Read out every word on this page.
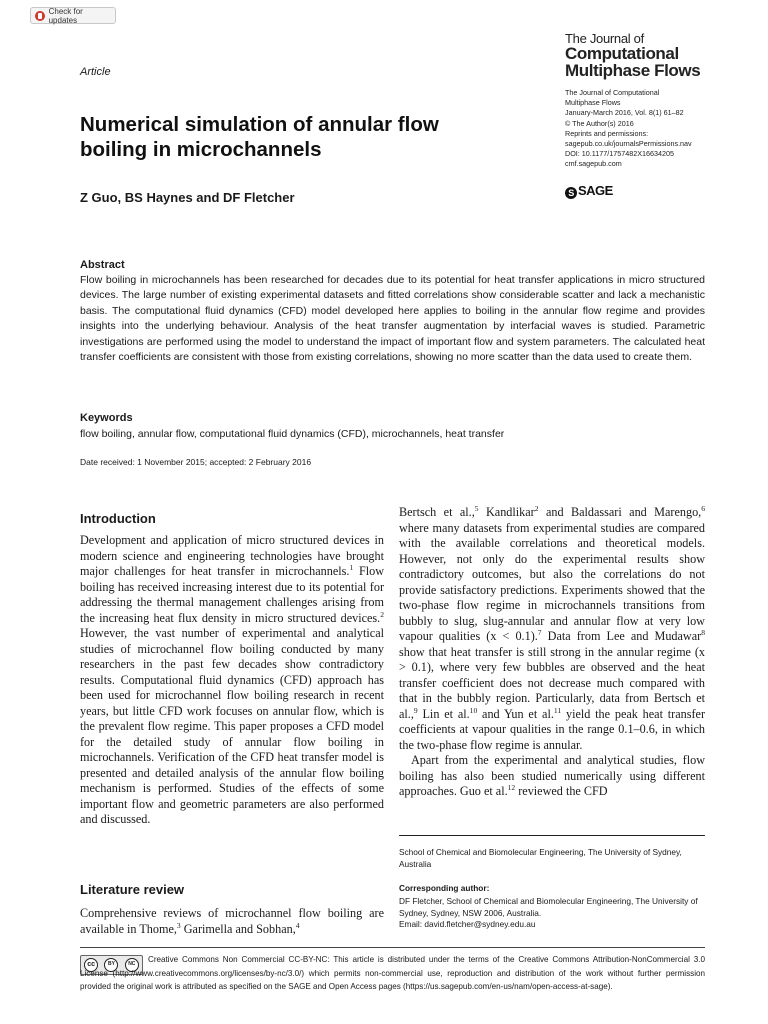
Check for updates
Article
The Journal of
Computational
Multiphase Flows
The Journal of Computational
Multiphase Flows
January-March 2016, Vol. 8(1) 61–82
© The Author(s) 2016
Reprints and permissions:
sagepub.co.uk/journalsPermissions.nav
DOI: 10.1177/1757482X16634205
cmf.sagepub.com
S SAGE
Numerical simulation of annular flow boiling in microchannels
Z Guo, BS Haynes and DF Fletcher
Abstract
Flow boiling in microchannels has been researched for decades due to its potential for heat transfer applications in micro structured devices. The large number of existing experimental datasets and fitted correlations show considerable scatter and lack a mechanistic basis. The computational fluid dynamics (CFD) model developed here applies to boiling in the annular flow regime and provides insights into the underlying behaviour. Analysis of the heat transfer augmentation by interfacial waves is studied. Parametric investigations are performed using the model to understand the impact of important flow and system parameters. The calculated heat transfer coefficients are consistent with those from existing correlations, showing no more scatter than the data used to create them.
Keywords
flow boiling, annular flow, computational fluid dynamics (CFD), microchannels, heat transfer
Date received: 1 November 2015; accepted: 2 February 2016
Introduction
Development and application of micro structured devices in modern science and engineering technologies have brought major challenges for heat transfer in microchannels.$^1$ Flow boiling has received increasing interest due to its potential for addressing the thermal management challenges arising from the increasing heat flux density in micro structured devices.$^2$ However, the vast number of experimental and analytical studies of microchannel flow boiling conducted by many researchers in the past few decades show contradictory results. Computational fluid dynamics (CFD) approach has been used for microchannel flow boiling research in recent years, but little CFD work focuses on annular flow, which is the prevalent flow regime. This paper proposes a CFD model for the detailed study of annular flow boiling in microchannels. Verification of the CFD heat transfer model is presented and detailed analysis of the annular flow boiling mechanism is performed. Studies of the effects of some important flow and geometric parameters are also performed and discussed.
Literature review
Comprehensive reviews of microchannel flow boiling are available in Thome,$^3$ Garimella and Sobhan,$^4$

Bertsch et al.,$^5$ Kandlikar$^2$ and Baldassari and Marengo,$^6$ where many datasets from experimental studies are compared with the available correlations and theoretical models. However, not only do the experimental results show contradictory outcomes, but also the correlations do not provide satisfactory predictions. Experiments showed that the two-phase flow regime in microchannels transitions from bubbly to slug, slug-annular and annular flow at very low vapour qualities (x < 0.1).$^7$ Data from Lee and Mudawar$^8$ show that heat transfer is still strong in the annular regime (x > 0.1), where very few bubbles are observed and the heat transfer coefficient does not decrease much compared with that in the bubbly region. Particularly, data from Bertsch et al.,$^9$ Lin et al.$^{10}$ and Yun et al.$^{11}$ yield the peak heat transfer coefficients at vapour qualities in the range 0.1–0.6, in which the two-phase flow regime is annular.

Apart from the experimental and analytical studies, flow boiling has also been studied numerically using different approaches. Guo et al.$^{12}$ reviewed the CFD

School of Chemical and Biomolecular Engineering, The University of Sydney, Australia
Corresponding author:
DF Fletcher, School of Chemical and Biomolecular Engineering, The University of Sydney, Sydney, NSW 2006, Australia.
Email: david.fletcher@sydney.edu.au
cc	BY	NC	Creative Commons Non Commercial CC-BY-NC: This article is distributed under the terms of the Creative Commons Attribution-NonCommercial 3.0 License (http://www.creativecommons.org/licenses/by-nc/3.0/) which permits non-commercial use, reproduction and distribution of the work without further permission provided the original work is attributed as specified on the SAGE and Open Access pages (https://us.sagepub.com/en-us/nam/open-access-at-sage).
